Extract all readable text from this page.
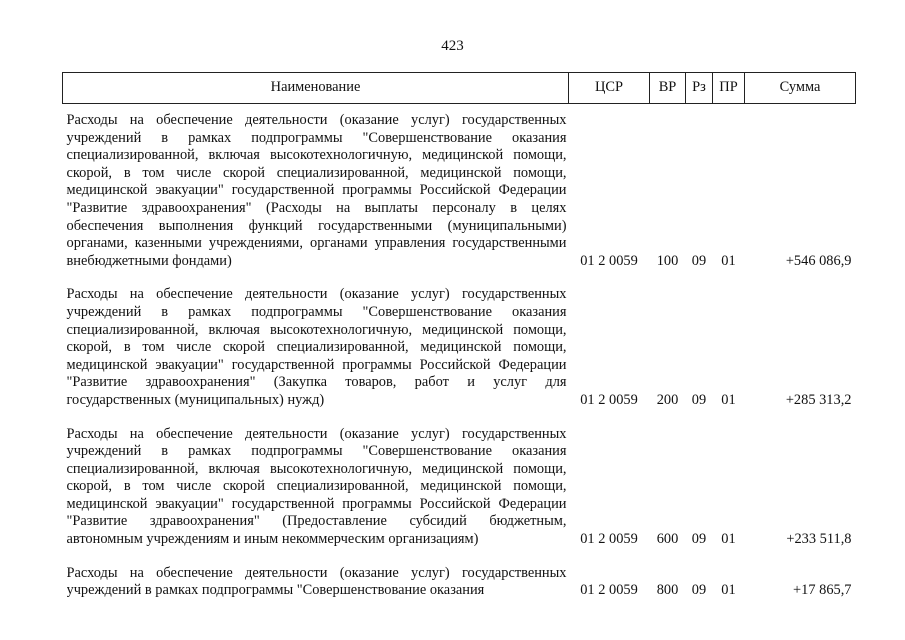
423
Наименование	ЦСР	ВР	Рз	ПР	Сумма

Расходы на обеспечение деятельности (оказание услуг) государственных учреждений в рамках подпрограммы "Совершенствование оказания специализированной, включая высокотехнологичную, медицинской помощи, скорой, в том числе скорой специализированной, медицинской помощи, медицинской эвакуации" государственной программы Российской Федерации "Развитие здравоохранения" (Расходы на выплаты персоналу в целях обеспечения выполнения функций государственными (муниципальными) органами, казенными учреждениями, органами управления государственными внебюджетными фондами)	01 2 0059	100	09	01	+546 086,9

Расходы на обеспечение деятельности (оказание услуг) государственных учреждений в рамках подпрограммы "Совершенствование оказания специализированной, включая высокотехнологичную, медицинской помощи, скорой, в том числе скорой специализированной, медицинской помощи, медицинской эвакуации" государственной программы Российской Федерации "Развитие здравоохранения" (Закупка товаров, работ и услуг для государственных (муниципальных) нужд)	01 2 0059	200	09	01	+285 313,2

Расходы на обеспечение деятельности (оказание услуг) государственных учреждений в рамках подпрограммы "Совершенствование оказания специализированной, включая высокотехнологичную, медицинской помощи, скорой, в том числе скорой специализированной, медицинской помощи, медицинской эвакуации" государственной программы Российской Федерации "Развитие здравоохранения" (Предоставление субсидий бюджетным, автономным учреждениям и иным некоммерческим организациям)	01 2 0059	600	09	01	+233 511,8

Расходы на обеспечение деятельности (оказание услуг) государственных учреждений в рамках подпрограммы "Совершенствование оказания	01 2 0059	800	09	01	+17 865,7
